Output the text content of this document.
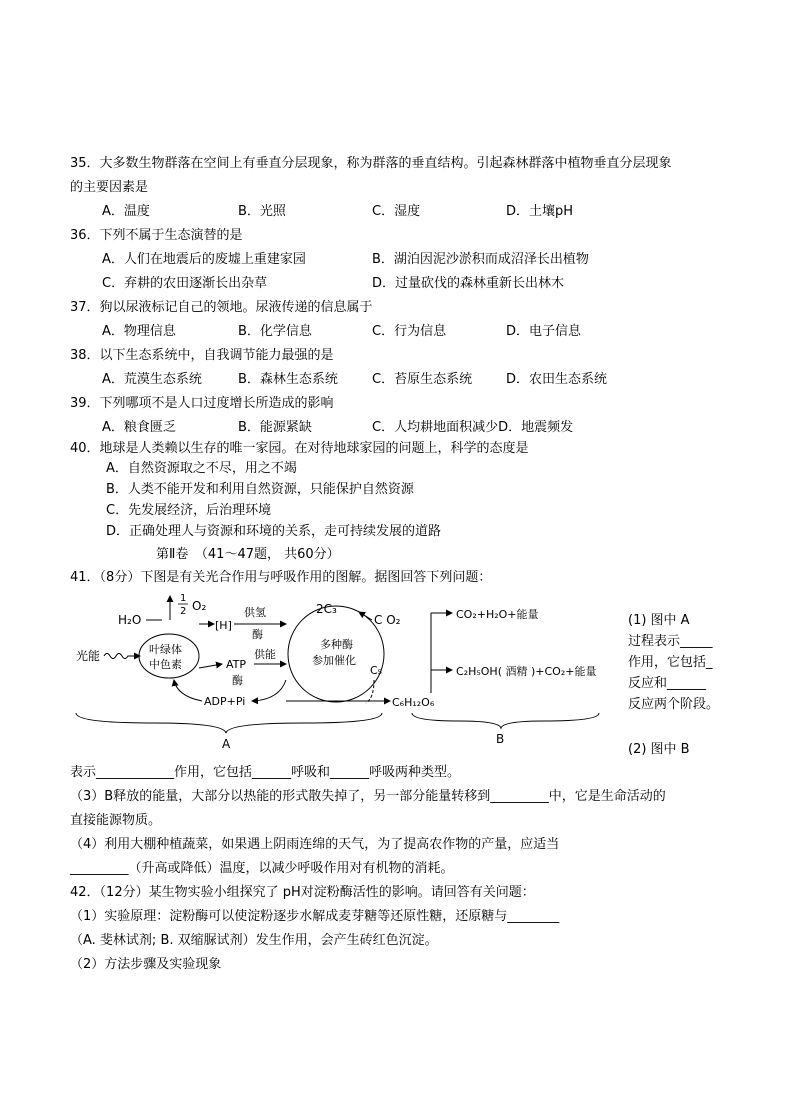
35．大多数生物群落在空间上有垂直分层现象，称为群落的垂直结构。引起森林群落中植物垂直分层现象
的主要因素是
A．温度	B．光照	C．湿度	D．土壤pH
36．下列不属于生态演替的是
A．人们在地震后的废墟上重建家园	B．湖泊因泥沙淤积而成沼泽长出植物
C．弃耕的农田逐渐长出杂草	D．过量砍伐的森林重新长出林木
37．狗以尿液标记自己的领地。尿液传递的信息属于
A．物理信息	B．化学信息	C．行为信息	D．电子信息
38．以下生态系统中，自我调节能力最强的是
A．荒漠生态系统	B．森林生态系统	C．苔原生态系统	D．农田生态系统
39．下列哪项不是人口过度增长所造成的影响
A．粮食匮乏	B．能源紧缺	C．人均耕地面积减少D．地震频发
40．地球是人类赖以生存的唯一家园。在对待地球家园的问题上，科学的态度是
A．自然资源取之不尽，用之不竭
B．人类不能开发和利用自然资源，只能保护自然资源
C．先发展经济，后治理环境
D．正确处理人与资源和环境的关系，走可持续发展的道路
第Ⅱ卷　（41～47题， 共60分）
41．（8分）下图是有关光合作用与呼吸作用的图解。据图回答下列问题：
H₂O
1
2 O₂
叶绿体
中色素
光能
[H]
供氢
酶
ATP
供能
酶
ADP+Pi
多种酶
参加催化
2C₃
C O₂
C₅
C₆H₁₂O₆
CO₂+H₂O+能量
C₂H₅OH( 酒精 )+CO₂+能量
A	B
(1) 图中 A
过程表示_____
作用，它包括_
反应和______
反应两个阶段。
(2) 图中 B
表示____________作用，它包括______呼吸和______呼吸两种类型。
（3）B释放的能量，大部分以热能的形式散失掉了，另一部分能量转移到_________中，它是生命活动的
直接能源物质。
（4）利用大棚种植蔬菜，如果遇上阴雨连绵的天气，为了提高农作物的产量，应适当
_________（升高或降低）温度，以减少呼吸作用对有机物的消耗。
42．（12分）某生物实验小组探究了 pH对淀粉酶活性的影响。请回答有关问题：
（1）实验原理：淀粉酶可以使淀粉逐步水解成麦芽糖等还原性糖，还原糖与________
（A. 斐林试剂; B. 双缩脲试剂）发生作用，会产生砖红色沉淀。
（2）方法步骤及实验现象
